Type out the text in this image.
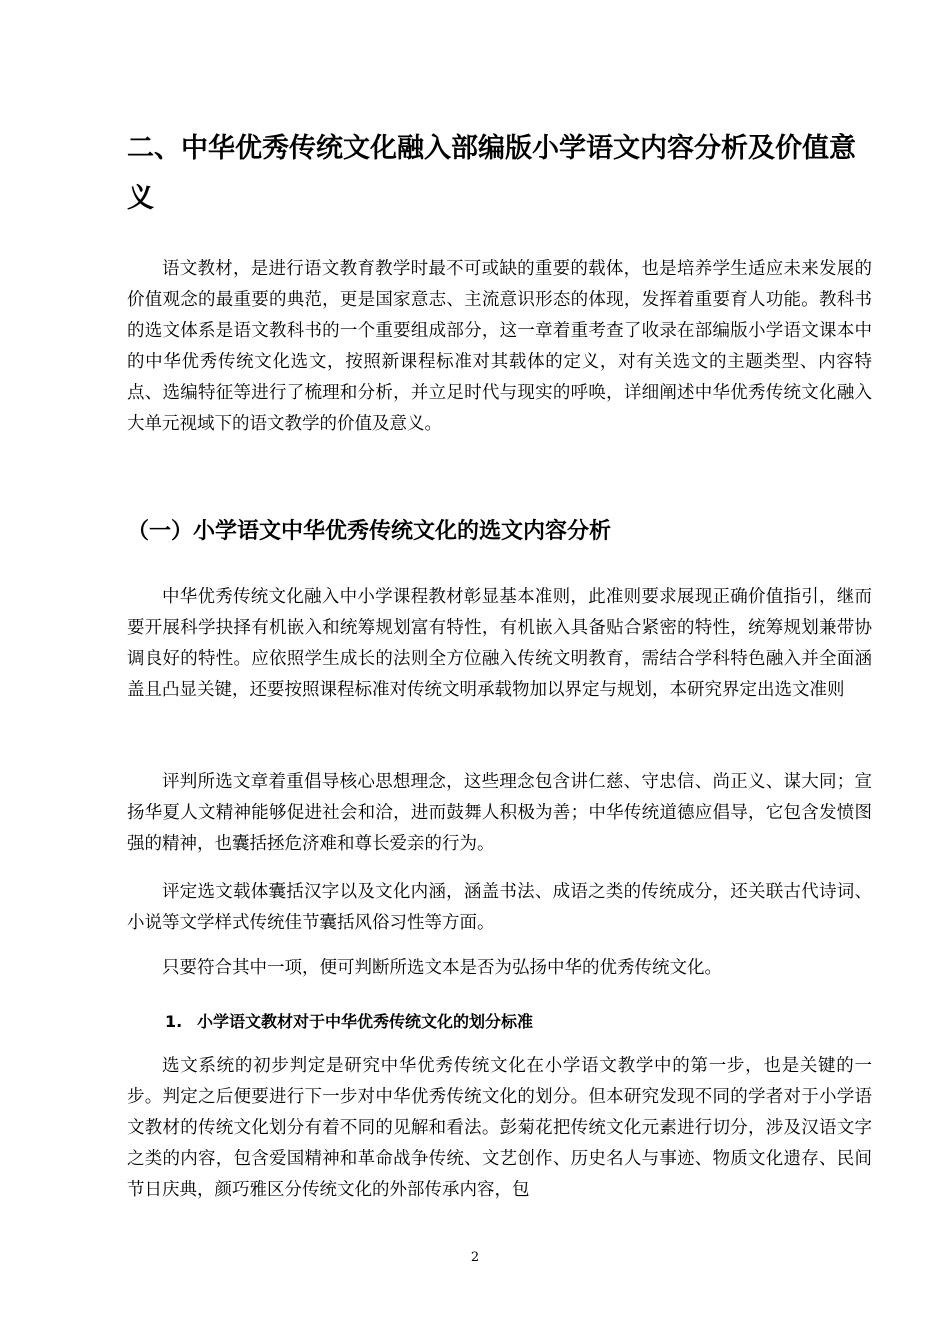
二、中华优秀传统文化融入部编版小学语文内容分析及价值意义

语文教材，是进行语文教育教学时最不可或缺的重要的载体，也是培养学生适应未来发展的价值观念的最重要的典范，更是国家意志、主流意识形态的体现，发挥着重要育人功能。教科书的选文体系是语文教科书的一个重要组成部分，这一章着重考查了收录在部编版小学语文课本中的中华优秀传统文化选文，按照新课程标准对其载体的定义，对有关选文的主题类型、内容特点、选编特征等进行了梳理和分析，并立足时代与现实的呼唤，详细阐述中华优秀传统文化融入大单元视域下的语文教学的价值及意义。

（一）小学语文中华优秀传统文化的选文内容分析

中华优秀传统文化融入中小学课程教材彰显基本准则，此准则要求展现正确价值指引，继而要开展科学抉择有机嵌入和统筹规划富有特性，有机嵌入具备贴合紧密的特性，统筹规划兼带协调良好的特性。应依照学生成长的法则全方位融入传统文明教育，需结合学科特色融入并全面涵盖且凸显关键，还要按照课程标准对传统文明承载物加以界定与规划，本研究界定出选文准则

评判所选文章着重倡导核心思想理念，这些理念包含讲仁慈、守忠信、尚正义、谋大同；宣扬华夏人文精神能够促进社会和洽，进而鼓舞人积极为善；中华传统道德应倡导，它包含发愤图强的精神，也囊括拯危济难和尊长爱亲的行为。

评定选文载体囊括汉字以及文化内涵，涵盖书法、成语之类的传统成分，还关联古代诗词、小说等文学样式传统佳节囊括风俗习性等方面。

只要符合其中一项，便可判断所选文本是否为弘扬中华的优秀传统文化。

1. 小学语文教材对于中华优秀传统文化的划分标准

选文系统的初步判定是研究中华优秀传统文化在小学语文教学中的第一步，也是关键的一步。判定之后便要进行下一步对中华优秀传统文化的划分。但本研究发现不同的学者对于小学语文教材的传统文化划分有着不同的见解和看法。彭菊花把传统文化元素进行切分，涉及汉语文字之类的内容，包含爱国精神和革命战争传统、文艺创作、历史名人与事迹、物质文化遗存、民间节日庆典，颜巧雅区分传统文化的外部传承内容，包

2
